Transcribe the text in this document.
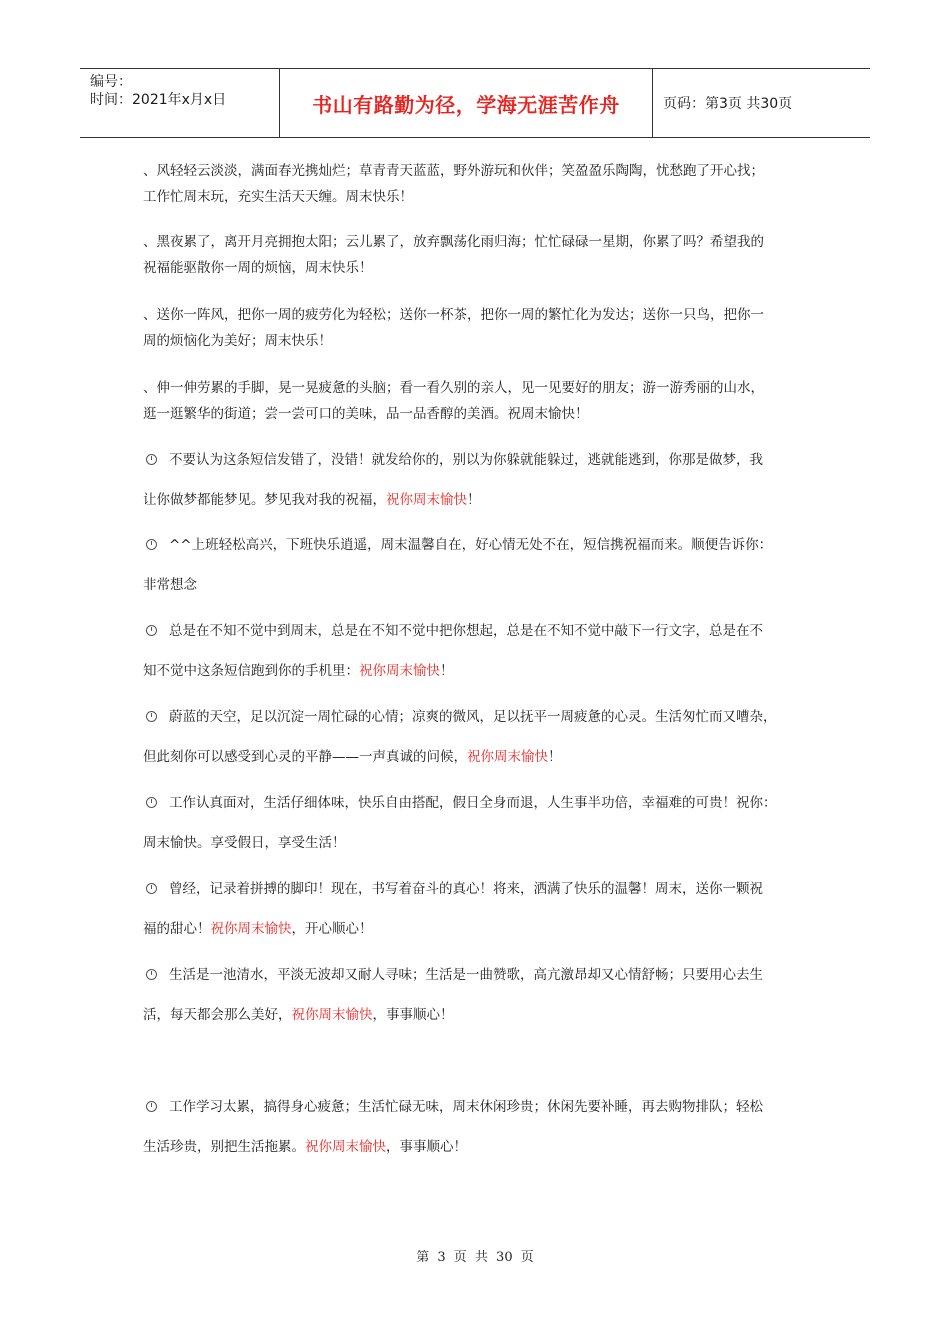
编号：
时间：2021年x月x日	书山有路勤为径，学海无涯苦作舟	页码：第3页 共30页
、风轻轻云淡淡，满面春光携灿烂；草青青天蓝蓝，野外游玩和伙伴；笑盈盈乐陶陶，忧愁跑了开心找；
工作忙周末玩，充实生活天天缠。周末快乐！
、黑夜累了，离开月亮拥抱太阳；云儿累了，放弃飘荡化雨归海；忙忙碌碌一星期，你累了吗？希望我的
祝福能驱散你一周的烦恼，周末快乐！
、送你一阵风，把你一周的疲劳化为轻松；送你一杯茶，把你一周的繁忙化为发达；送你一只鸟，把你一
周的烦恼化为美好；周末快乐！
、伸一伸劳累的手脚，晃一晃疲惫的头脑；看一看久别的亲人，见一见要好的朋友；游一游秀丽的山水，
逛一逛繁华的街道；尝一尝可口的美味，品一品香醇的美酒。祝周末愉快！
不要认为这条短信发错了，没错！就发给你的，别以为你躲就能躲过，逃就能逃到，你那是做梦，我
让你做梦都能梦见。梦见我对我的祝福，祝你周末愉快！
^^上班轻松高兴，下班快乐逍遥，周末温馨自在，好心情无处不在，短信携祝福而来。顺便告诉你：
非常想念
总是在不知不觉中到周末，总是在不知不觉中把你想起，总是在不知不觉中敲下一行文字，总是在不
知不觉中这条短信跑到你的手机里：祝你周末愉快！
蔚蓝的天空，足以沉淀一周忙碌的心情；凉爽的微风，足以抚平一周疲惫的心灵。生活匆忙而又嘈杂，
但此刻你可以感受到心灵的平静——一声真诚的问候，祝你周末愉快！
工作认真面对，生活仔细体味，快乐自由搭配，假日全身而退，人生事半功倍，幸福难的可贵！祝你：
周末愉快。享受假日，享受生活！
曾经，记录着拼搏的脚印！现在，书写着奋斗的真心！将来，洒满了快乐的温馨！周末，送你一颗祝
福的甜心！祝你周末愉快，开心顺心！
生活是一池清水，平淡无波却又耐人寻味；生活是一曲赞歌，高亢激昂却又心情舒畅；只要用心去生
活，每天都会那么美好，祝你周末愉快，事事顺心！
工作学习太累，搞得身心疲惫；生活忙碌无味，周末休闲珍贵；休闲先要补睡，再去购物排队；轻松
生活珍贵，别把生活拖累。祝你周末愉快，事事顺心！
第 3 页 共 30 页
